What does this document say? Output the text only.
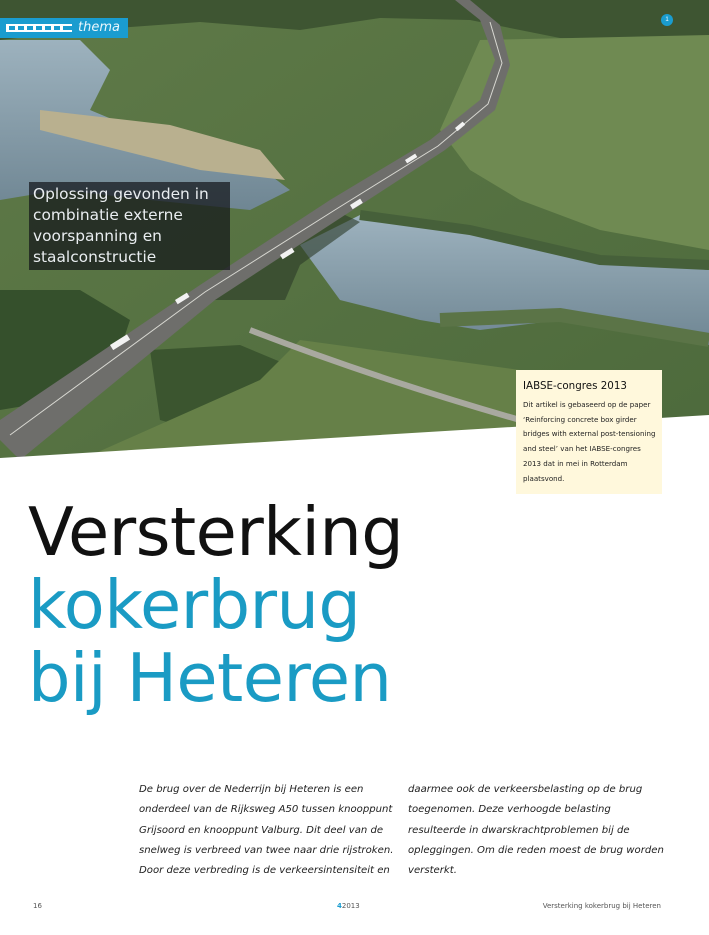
thema	1
Oplossing gevonden in combinatie externe voorspanning en staalconstructie
IABSE-congres 2013
Dit artikel is gebaseerd op de paper ‘Reinforcing concrete box girder bridges with external post-tensioning and steel’ van het IABSE-congres 2013 dat in mei in Rotterdam plaatsvond.
Versterking
kokerbrug
bij Heteren

De brug over de Nederrijn bij Heteren is een onderdeel van de Rijksweg A50 tussen knooppunt Grijsoord en knooppunt Valburg. Dit deel van de snelweg is verbreed van twee naar drie rijstroken. Door deze verbreding is de verkeersintensiteit en

daarmee ook de verkeersbelasting op de brug toegenomen. Deze verhoogde belasting resulteerde in dwarskrachtproblemen bij de opleggingen. Om die reden moest de brug worden versterkt.

16	42013	Versterking kokerbrug bij Heteren
